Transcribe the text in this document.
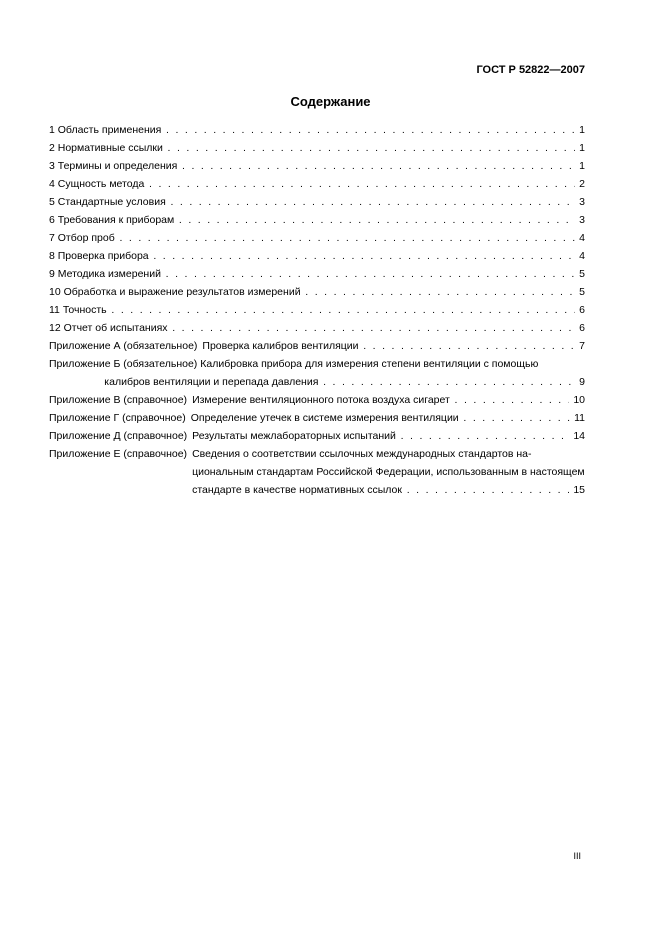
ГОСТ Р 52822—2007
Содержание
1 Область применения . . .	1
2 Нормативные ссылки . . .	1
3 Термины и определения . . .	1
4 Сущность метода . . .	2
5 Стандартные условия . . .	3
6 Требования к приборам . . .	3
7 Отбор проб . . .	4
8 Проверка прибора . . .	4
9 Методика измерений . . .	5
10 Обработка и выражение результатов измерений . . .	5
11 Точность . . .	6
12 Отчет об испытаниях . . .	6
Приложение А (обязательное) Проверка калибров вентиляции . . .	7
Приложение Б (обязательное) Калибровка прибора для измерения степени вентиляции с помощью
калибров вентиляции и перепада давления . . .	9
Приложение В (справочное) Измерение вентиляционного потока воздуха сигарет . . .	10
Приложение Г (справочное) Определение утечек в системе измерения вентиляции . . .	11
Приложение Д (справочное) Результаты межлабораторных испытаний . . .	14
Приложение Е (справочное) Сведения о соответствии ссылочных международных стандартов на-
циональным стандартам Российской Федерации, использованным в настоящем
стандарте в качестве нормативных ссылок . . .	15
III
